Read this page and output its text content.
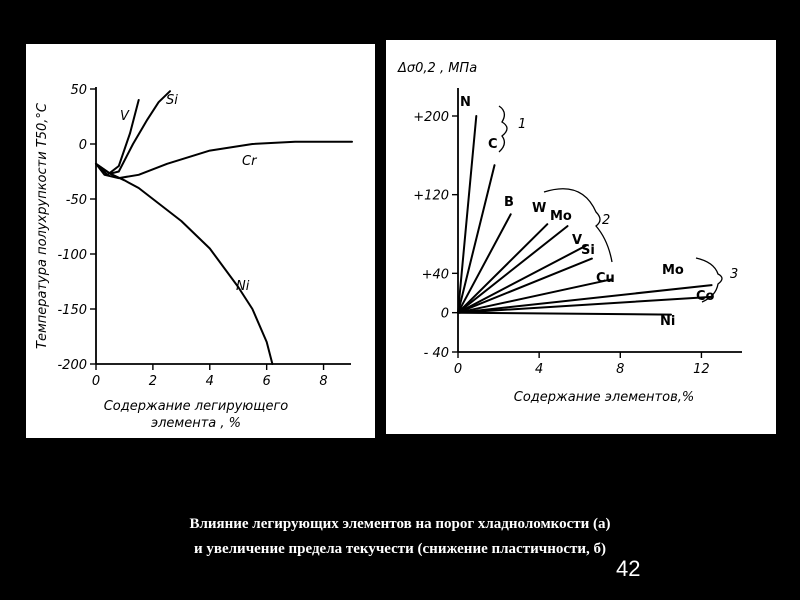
Температура полухрупкости T50,°C
Содержание легирующего
элемента , %
50
0
-50
-100
-150
-200
0	2	4	6	8
V
Si
Cr
Ni
Δσ0,2 , МПа
Содержание элементов,%
+200
+120
+40
0
- 40
0	4	8	12
N
C
B W
Mo
V
Si
Cu
Mo
Co
Ni
1
2
3
Влияние легирующих элементов на порог хладноломкости (а)
и увеличение предела текучести (снижение пластичности, б)
42
